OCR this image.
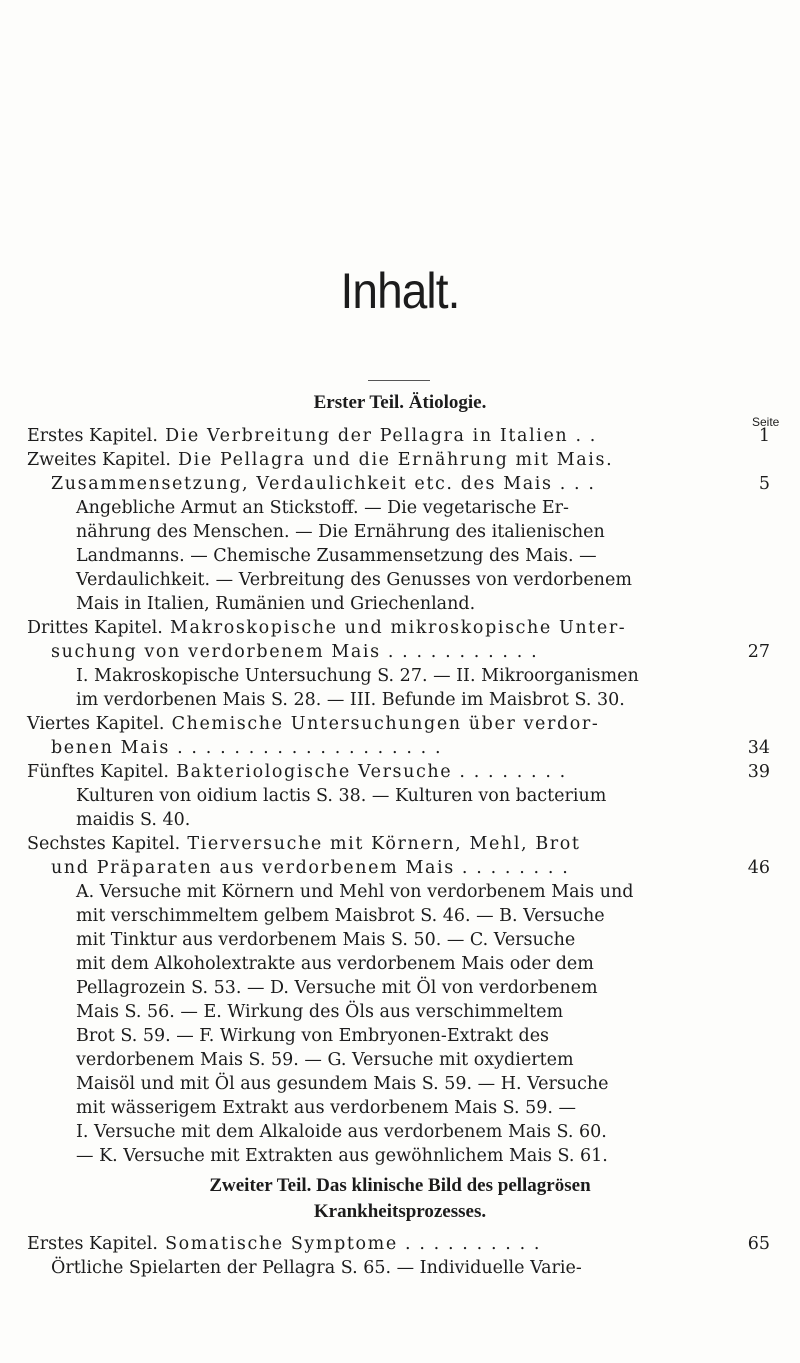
Inhalt.
Erster Teil. Ätiologie.
Seite
Erstes Kapitel. Die Verbreitung der Pellagra in Italien . .	1
Zweites Kapitel. Die Pellagra und die Ernährung mit Mais.
Zusammensetzung, Verdaulichkeit etc. des Mais . . .	5
Angebliche Armut an Stickstoff. — Die vegetarische Er-
nährung des Menschen. — Die Ernährung des italienischen
Landmanns. — Chemische Zusammensetzung des Mais. —
Verdaulichkeit. — Verbreitung des Genusses von verdorbenem
Mais in Italien, Rumänien und Griechenland.
Drittes Kapitel. Makroskopische und mikroskopische Unter-
suchung von verdorbenem Mais . . . . . . . . . . .	27
I. Makroskopische Untersuchung S. 27. — II. Mikroorganismen
im verdorbenen Mais S. 28. — III. Befunde im Maisbrot S. 30.
Viertes Kapitel. Chemische Untersuchungen über verdor-
benen Mais . . . . . . . . . . . . . . . . . . .	34
Fünftes Kapitel. Bakteriologische Versuche . . . . . . . .	39
Kulturen von oidium lactis S. 38. — Kulturen von bacterium
maidis S. 40.
Sechstes Kapitel. Tierversuche mit Körnern, Mehl, Brot
und Präparaten aus verdorbenem Mais . . . . . . . .	46
A. Versuche mit Körnern und Mehl von verdorbenem Mais und
mit verschimmeltem gelbem Maisbrot S. 46. — B. Versuche
mit Tinktur aus verdorbenem Mais S. 50. — C. Versuche
mit dem Alkoholextrakte aus verdorbenem Mais oder dem
Pellagrozein S. 53. — D. Versuche mit Öl von verdorbenem
Mais S. 56. — E. Wirkung des Öls aus verschimmeltem
Brot S. 59. — F. Wirkung von Embryonen-Extrakt des
verdorbenem Mais S. 59. — G. Versuche mit oxydiertem
Maisöl und mit Öl aus gesundem Mais S. 59. — H. Versuche
mit wässerigem Extrakt aus verdorbenem Mais S. 59. —
I. Versuche mit dem Alkaloide aus verdorbenem Mais S. 60.
— K. Versuche mit Extrakten aus gewöhnlichem Mais S. 61.
Zweiter Teil. Das klinische Bild des pellagrösen
Krankheitsprozesses.
Erstes Kapitel. Somatische Symptome . . . . . . . . . .	65
Örtliche Spielarten der Pellagra S. 65. — Individuelle Varie-
